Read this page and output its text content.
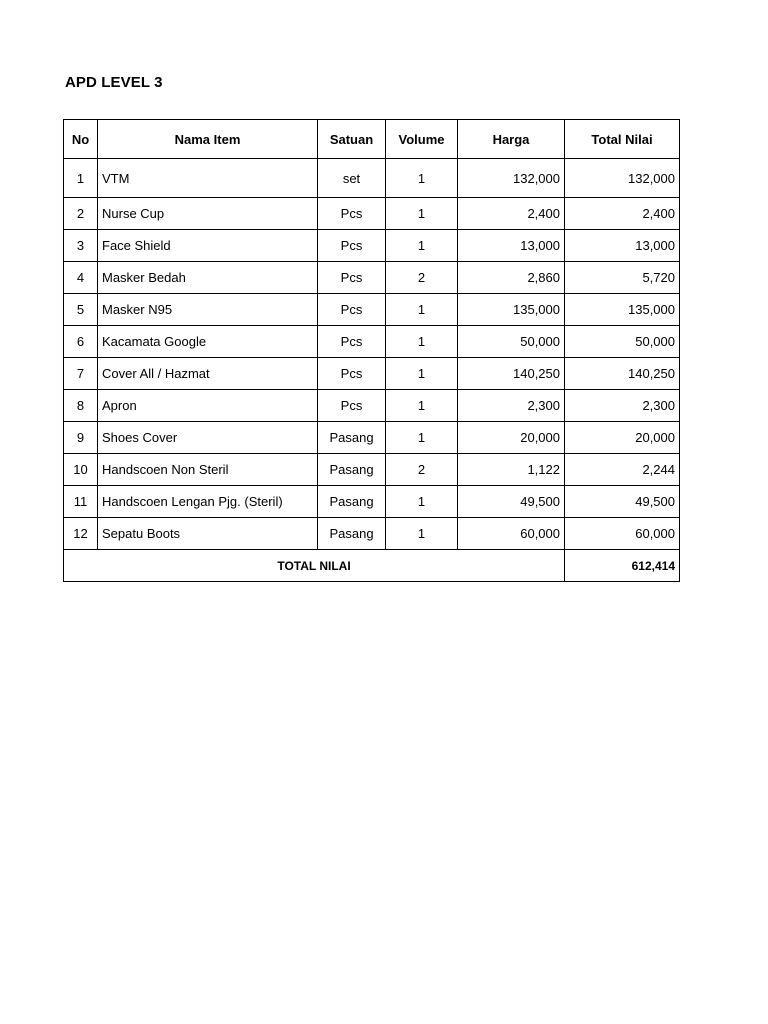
APD LEVEL 3
No	Nama Item	Satuan	Volume	Harga	Total Nilai
1	VTM	set	1	132,000	132,000
2	Nurse Cup	Pcs	1	2,400	2,400
3	Face Shield	Pcs	1	13,000	13,000
4	Masker Bedah	Pcs	2	2,860	5,720
5	Masker N95	Pcs	1	135,000	135,000
6	Kacamata Google	Pcs	1	50,000	50,000
7	Cover All / Hazmat	Pcs	1	140,250	140,250
8	Apron	Pcs	1	2,300	2,300
9	Shoes Cover	Pasang	1	20,000	20,000
10	Handscoen Non Steril	Pasang	2	1,122	2,244
11	Handscoen Lengan Pjg. (Steril)	Pasang	1	49,500	49,500
12	Sepatu Boots	Pasang	1	60,000	60,000
TOTAL NILAI					612,414
